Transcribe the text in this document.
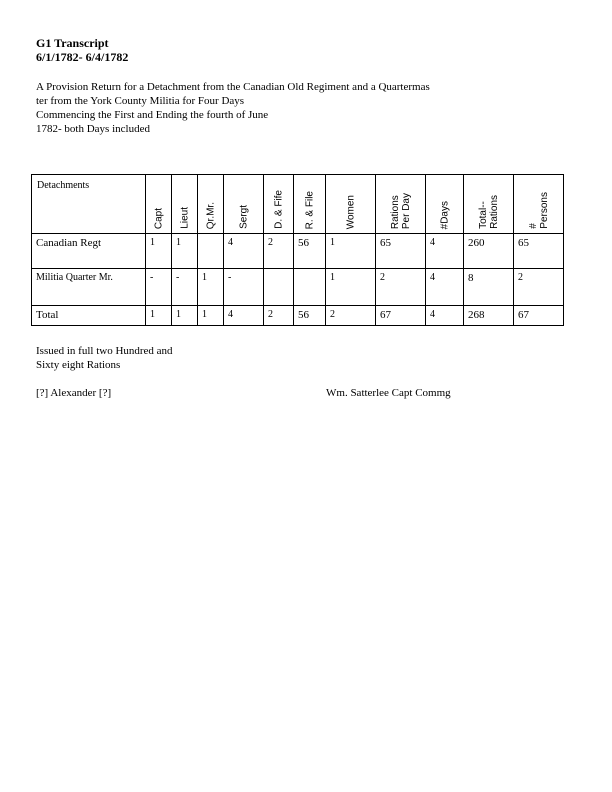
G1 Transcript
6/1/1782- 6/4/1782
A Provision Return for a Detachment from the Canadian Old Regiment and a Quartermas
ter from the York County Militia for Four Days
Commencing the First and Ending the fourth of June
1782- both Days included
Detachments	Capt	Lieut	Qr.Mr.	Sergt	D. & Fife	R. & File	Women	Rations Per Day	#Days	Total-- Rations	# Persons

Canadian Regt	1	1		4	2	56	1	65	4	260	65

Militia Quarter Mr.	-	-	1	-			1	2	4	8	2

Total	1	1	1	4	2	56	2	67	4	268	67
Issued in full two Hundred and
Sixty eight Rations
[?] Alexander [?]	Wm. Satterlee Capt Commg
